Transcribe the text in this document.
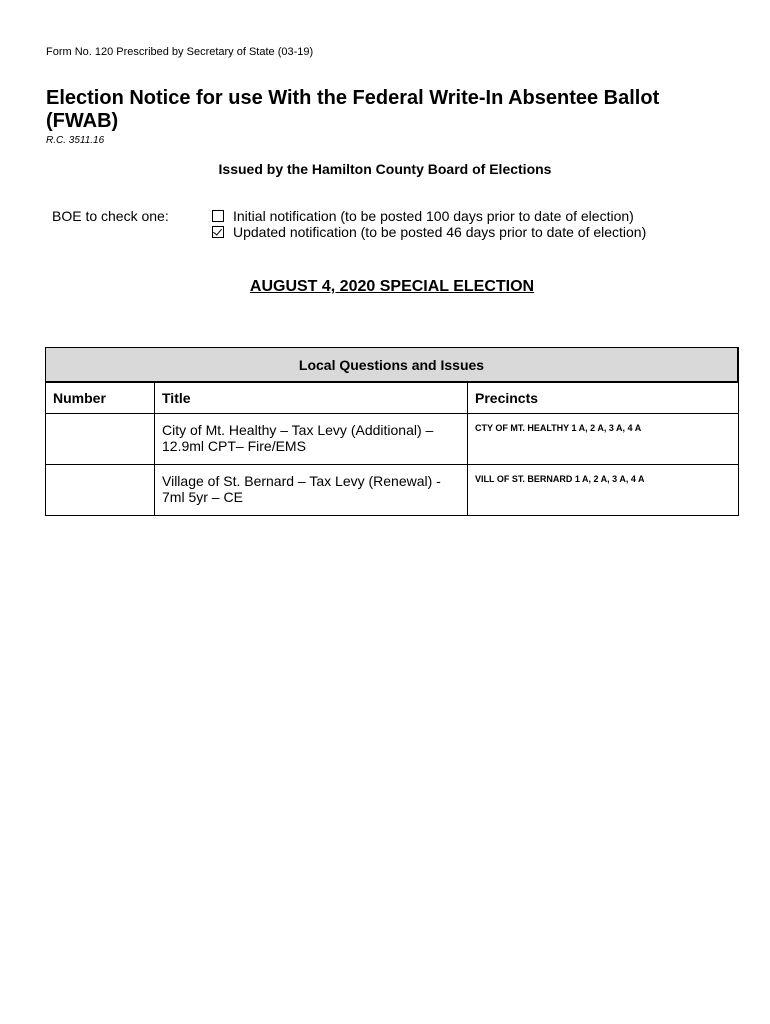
Form No. 120 Prescribed by Secretary of State (03-19)
Election Notice for use With the Federal Write-In Absentee Ballot (FWAB)
R.C. 3511.16
Issued by the Hamilton County Board of Elections
BOE to check one:	Initial notification (to be posted 100 days prior to date of election)
Updated notification (to be posted 46 days prior to date of election)
AUGUST 4, 2020 SPECIAL ELECTION
Local Questions and Issues		
Number	Title	Precincts
	City of Mt. Healthy – Tax Levy (Additional) – 12.9ml CPT– Fire/EMS	CTY OF MT. HEALTHY 1 A, 2 A, 3 A, 4 A
	Village of St. Bernard – Tax Levy (Renewal) - 7ml 5yr – CE	VILL OF ST. BERNARD 1 A, 2 A, 3 A, 4 A
